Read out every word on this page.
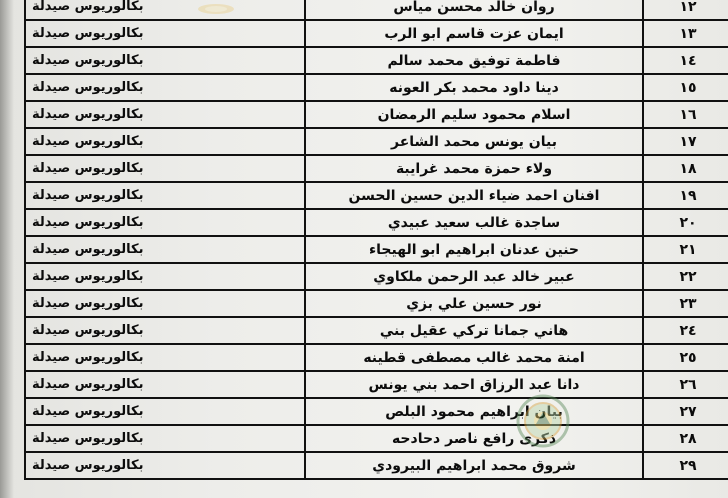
١٢
روان خالد محسن مياس
بكالوريوس صيدلة
١٣
ايمان عزت قاسم ابو الرب
بكالوريوس صيدلة
١٤
فاطمة توفيق محمد سالم
بكالوريوس صيدلة
١٥
دينا داود محمد بكر العونه
بكالوريوس صيدلة
١٦
اسلام محمود سليم الرمضان
بكالوريوس صيدلة
١٧
بيان يونس محمد الشاعر
بكالوريوس صيدلة
١٨
ولاء حمزة محمد غرايبة
بكالوريوس صيدلة
١٩
افنان احمد ضياء الدين حسين الحسن
بكالوريوس صيدلة
٢٠
ساجدة غالب سعيد عبيدي
بكالوريوس صيدلة
٢١
حنين عدنان ابراهيم ابو الهيجاء
بكالوريوس صيدلة
٢٢
عبير خالد عبد الرحمن ملكاوي
بكالوريوس صيدلة
٢٣
نور حسين علي بزي
بكالوريوس صيدلة
٢٤
هاني جمانا تركي عقيل بني
بكالوريوس صيدلة
٢٥
امنة محمد غالب مصطفى قطينه
بكالوريوس صيدلة
٢٦
دانا عبد الرزاق احمد بني يونس
بكالوريوس صيدلة
٢٧
بيان ابراهيم محمود البلص
بكالوريوس صيدلة
٢٨
ذكرى رافع ناصر دحادحه
بكالوريوس صيدلة
٢٩
شروق محمد ابراهيم البيرودي
بكالوريوس صيدلة
